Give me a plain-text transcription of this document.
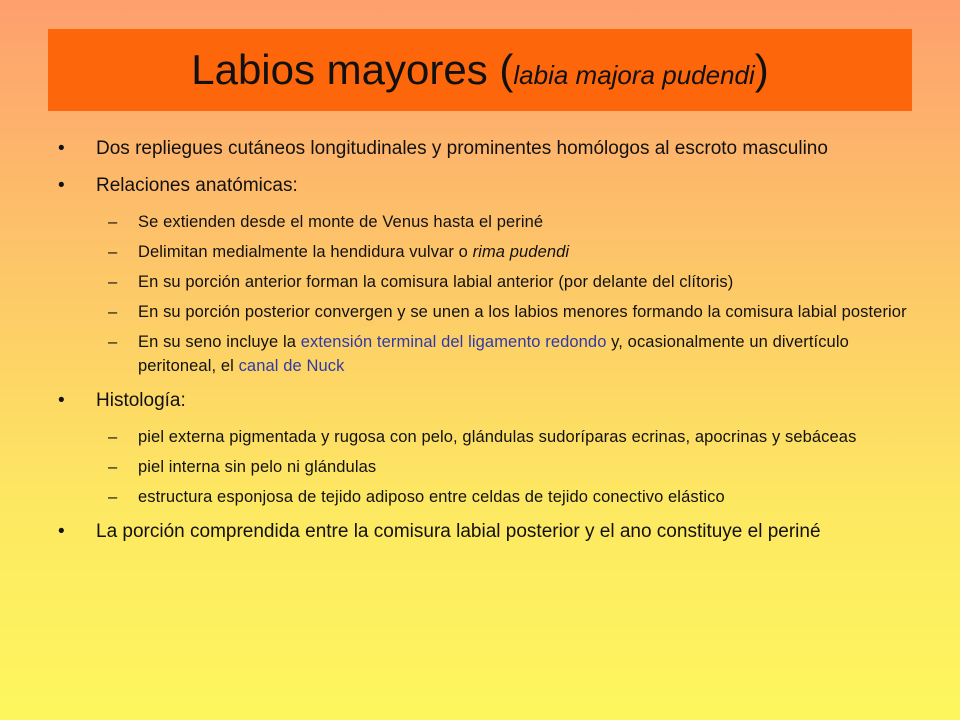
Labios mayores (labia majora pudendi)
• Dos repliegues cutáneos longitudinales y prominentes homólogos al escroto masculino
• Relaciones anatómicas:
– Se extienden desde el monte de Venus hasta el periné
– Delimitan medialmente la hendidura vulvar o rima pudendi
– En su porción anterior forman la comisura labial anterior (por delante del clítoris)
– En su porción posterior convergen y se unen a los labios menores formando la comisura labial posterior
– En su seno incluye la extensión terminal del ligamento redondo y, ocasionalmente un divertículo peritoneal, el canal de Nuck
• Histología:
– piel externa pigmentada y rugosa con pelo, glándulas sudoríparas ecrinas, apocrinas y sebáceas
– piel interna sin pelo ni glándulas
– estructura esponjosa de tejido adiposo entre celdas de tejido conectivo elástico
• La porción comprendida entre la comisura labial posterior y el ano constituye el periné
